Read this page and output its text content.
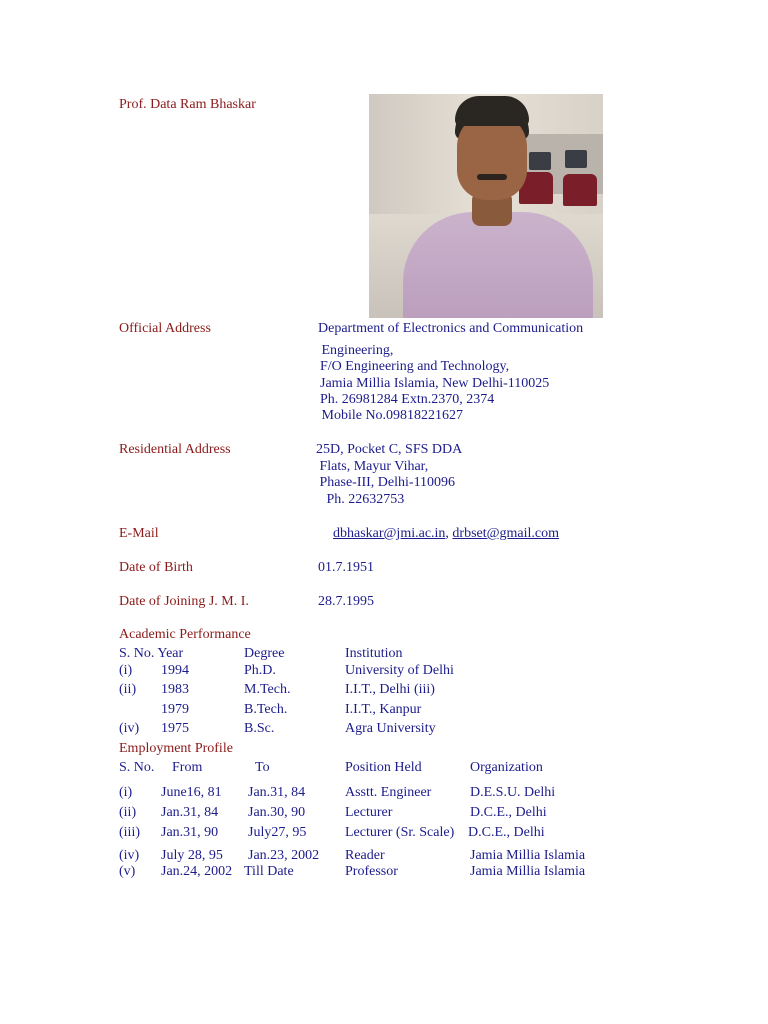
Prof. Data Ram Bhaskar
Official Address	Department of Electronics and Communication
Engineering,
F/O Engineering and Technology,
Jamia Millia Islamia, New Delhi-110025
Ph. 26981284 Extn.2370, 2374
Mobile No.09818221627
Residential Address	25D, Pocket C, SFS DDA
Flats, Mayur Vihar,
Phase-III, Delhi-110096
Ph. 22632753
E-Mail	dbhaskar@jmi.ac.in, drbset@gmail.com
Date of Birth	01.7.1951
Date of Joining J. M. I.	28.7.1995
Academic Performance
S. No. Year	Degree	Institution
(i) 1994	Ph.D.	University of Delhi
(ii) 1983	M.Tech.	I.I.T., Delhi (iii)
1979	B.Tech.	I.I.T., Kanpur
(iv) 1975	B.Sc.	Agra University
Employment Profile
S. No. From	To	Position Held	Organization
(i) June16, 81 Jan.31, 84	Asstt. Engineer	D.E.S.U. Delhi
(ii) Jan.31, 84 Jan.30, 90	Lecturer	D.C.E., Delhi
(iii) Jan.31, 90 July27, 95	Lecturer (Sr. Scale) D.C.E., Delhi
(iv) July 28, 95 Jan.23, 2002 Reader	Jamia Millia Islamia
(v) Jan.24, 2002 Till Date	Professor	Jamia Millia Islamia
